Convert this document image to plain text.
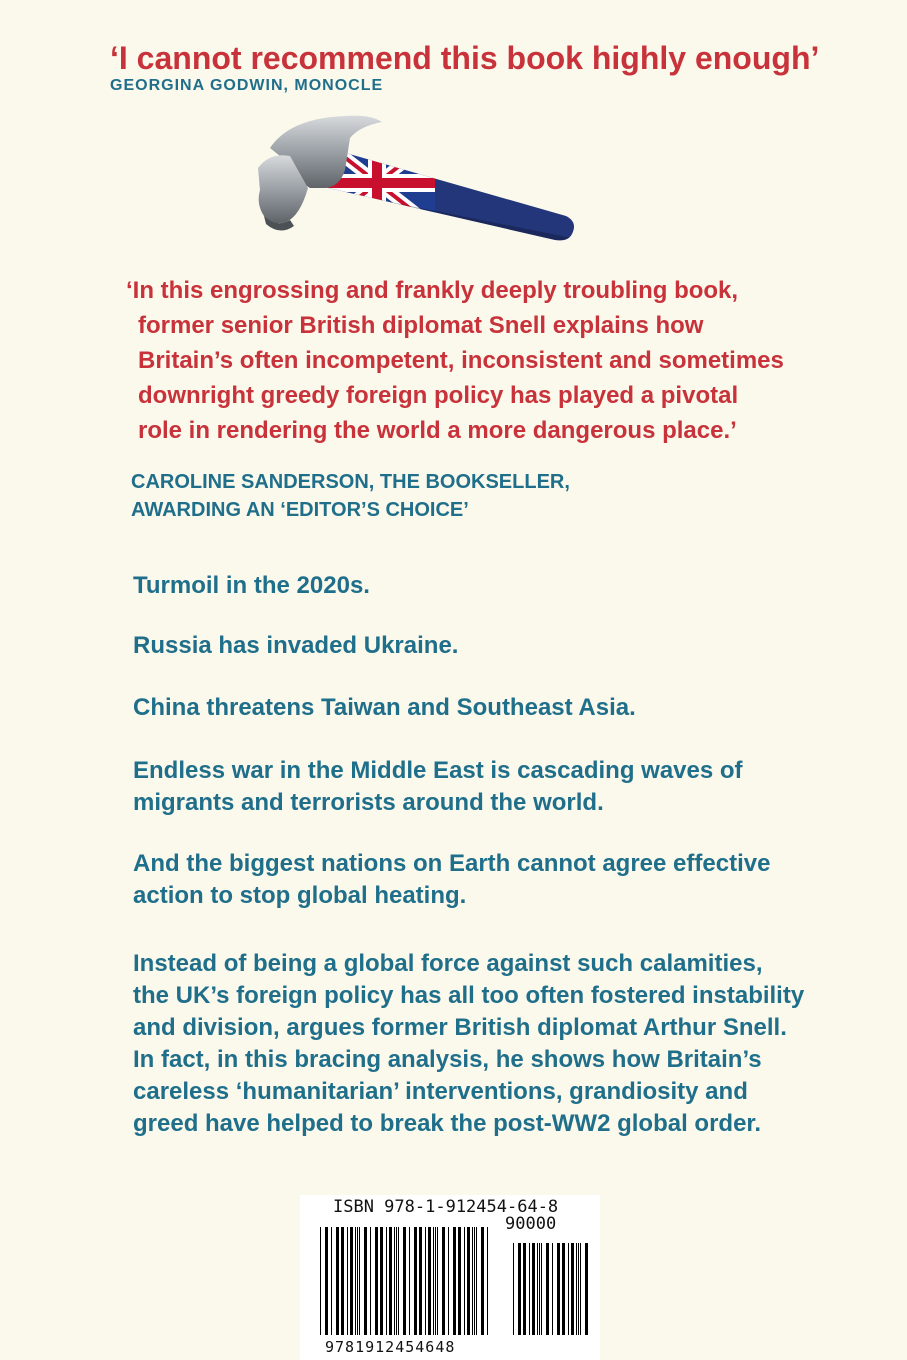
‘I cannot recommend this book highly enough’
GEORGINA GODWIN, MONOCLE
‘In this engrossing and frankly deeply troubling book,
former senior British diplomat Snell explains how
Britain’s often incompetent, inconsistent and sometimes
downright greedy foreign policy has played a pivotal
role in rendering the world a more dangerous place.’
CAROLINE SANDERSON, THE BOOKSELLER,
AWARDING AN ‘EDITOR’S CHOICE’

Turmoil in the 2020s.

Russia has invaded Ukraine.

China threatens Taiwan and Southeast Asia.

Endless war in the Middle East is cascading waves of
migrants and terrorists around the world.

And the biggest nations on Earth cannot agree effective
action to stop global heating.

Instead of being a global force against such calamities,
the UK’s foreign policy has all too often fostered instability
and division, argues former British diplomat Arthur Snell.
In fact, in this bracing analysis, he shows how Britain’s
careless ‘humanitarian’ interventions, grandiosity and
greed have helped to break the post-WW2 global order.

ISBN 978-1-912454-64-8
90000
9781912454648
